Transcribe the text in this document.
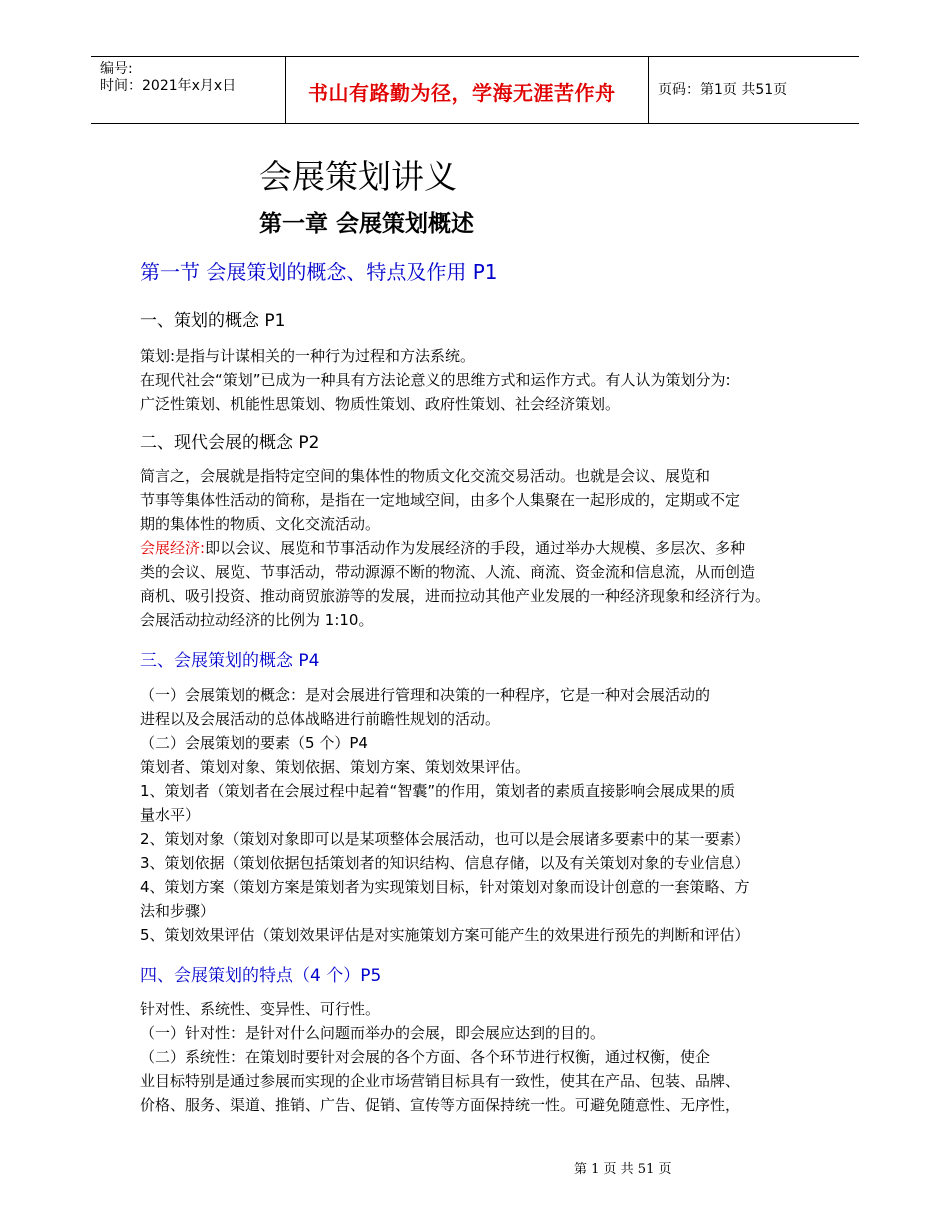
编号:
时间：2021年x月x日	书山有路勤为径，学海无涯苦作舟	页码：第1页 共51页
会展策划讲义
第一章 会展策划概述
第一节 会展策划的概念、特点及作用 P1
一、策划的概念 P1
策划:是指与计谋相关的一种行为过程和方法系统。
在现代社会“策划”已成为一种具有方法论意义的思维方式和运作方式。有人认为策划分为:
广泛性策划、机能性思策划、物质性策划、政府性策划、社会经济策划。
二、现代会展的概念 P2
简言之，会展就是指特定空间的集体性的物质文化交流交易活动。也就是会议、展览和
节事等集体性活动的简称，是指在一定地域空间，由多个人集聚在一起形成的，定期或不定
期的集体性的物质、文化交流活动。
会展经济:即以会议、展览和节事活动作为发展经济的手段，通过举办大规模、多层次、多种
类的会议、展览、节事活动，带动源源不断的物流、人流、商流、资金流和信息流，从而创造
商机、吸引投资、推动商贸旅游等的发展，进而拉动其他产业发展的一种经济现象和经济行为。
会展活动拉动经济的比例为 1:10。
三、会展策划的概念 P4
（一）会展策划的概念：是对会展进行管理和决策的一种程序，它是一种对会展活动的
进程以及会展活动的总体战略进行前瞻性规划的活动。
（二）会展策划的要素（5 个）P4
策划者、策划对象、策划依据、策划方案、策划效果评估。
1、策划者（策划者在会展过程中起着“智囊”的作用，策划者的素质直接影响会展成果的质
量水平）
2、策划对象（策划对象即可以是某项整体会展活动，也可以是会展诸多要素中的某一要素）
3、策划依据（策划依据包括策划者的知识结构、信息存储，以及有关策划对象的专业信息）
4、策划方案（策划方案是策划者为实现策划目标，针对策划对象而设计创意的一套策略、方
法和步骤）
5、策划效果评估（策划效果评估是对实施策划方案可能产生的效果进行预先的判断和评估）
四、会展策划的特点（4 个）P5
针对性、系统性、变异性、可行性。
（一）针对性：是针对什么问题而举办的会展，即会展应达到的目的。
（二）系统性：在策划时要针对会展的各个方面、各个环节进行权衡，通过权衡，使企
业目标特别是通过参展而实现的企业市场营销目标具有一致性，使其在产品、包装、品牌、
价格、服务、渠道、推销、广告、促销、宣传等方面保持统一性。可避免随意性、无序性，
第 1 页 共 51 页
